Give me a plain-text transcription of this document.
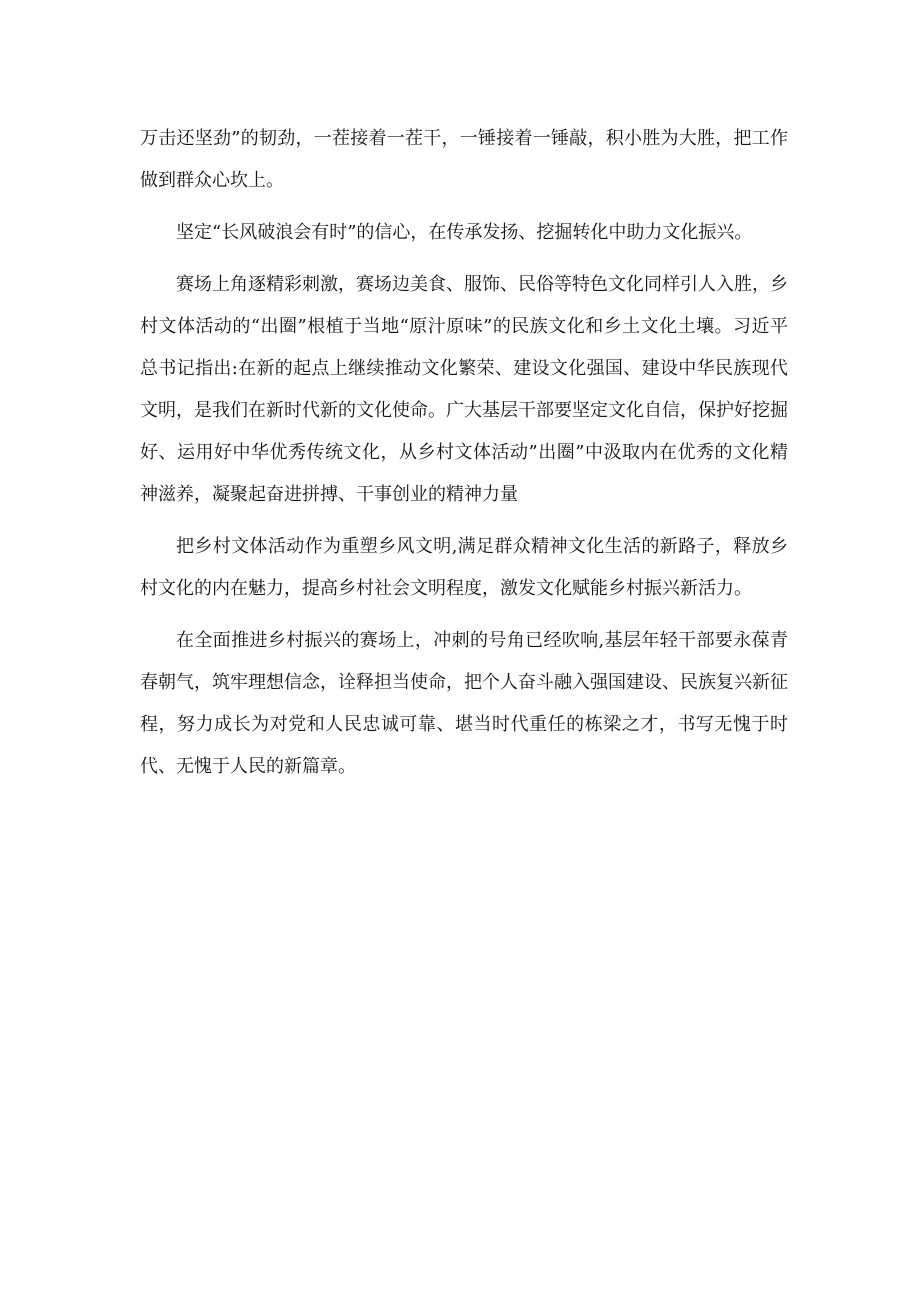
万击还坚劲”的韧劲，一茬接着一茬干，一锤接着一锤敲，积小胜为大胜，把工作做到群众心坎上。

坚定“长风破浪会有时”的信心，在传承发扬、挖掘转化中助力文化振兴。

赛场上角逐精彩刺激，赛场边美食、服饰、民俗等特色文化同样引人入胜，乡村文体活动的“出圈”根植于当地“原汁原味”的民族文化和乡土文化土壤。习近平总书记指出:在新的起点上继续推动文化繁荣、建设文化强国、建设中华民族现代文明，是我们在新时代新的文化使命。广大基层干部要坚定文化自信，保护好挖掘好、运用好中华优秀传统文化，从乡村文体活动”出圈”中汲取内在优秀的文化精神滋养，凝聚起奋进拼搏、干事创业的精神力量

把乡村文体活动作为重塑乡风文明,满足群众精神文化生活的新路子，释放乡村文化的内在魅力，提高乡村社会文明程度，激发文化赋能乡村振兴新活力。

在全面推进乡村振兴的赛场上，冲刺的号角已经吹响,基层年轻干部要永葆青春朝气，筑牢理想信念，诠释担当使命，把个人奋斗融入强国建设、民族复兴新征程，努力成长为对党和人民忠诚可靠、堪当时代重任的栋梁之才，书写无愧于时代、无愧于人民的新篇章。
